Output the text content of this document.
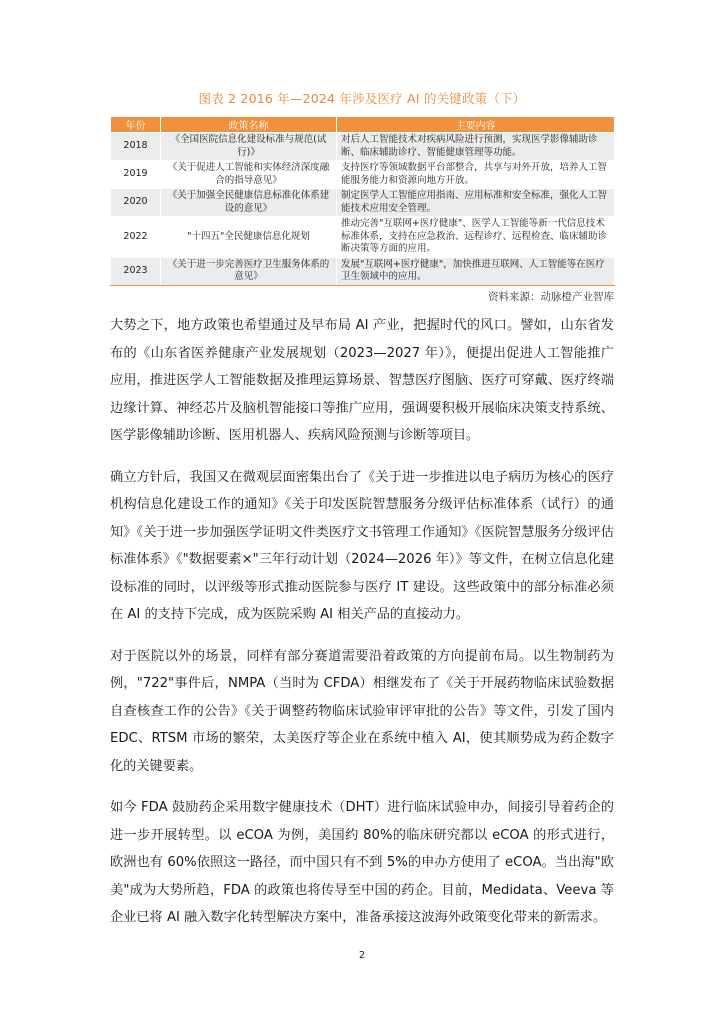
图表 2 2016 年—2024 年涉及医疗 AI 的关键政策（下）
年份	政策名称	主要内容
2018	《全国医院信息化建设标准与规范(试行)》	对后人工智能技术对疾病风险进行预测，实现医学影像辅助诊断、临床辅助诊疗、智能健康管理等功能。
2019	《关于促进人工智能和实体经济深度融合的指导意见》	支持医疗等领域数据平台部整合，共享与对外开放，培养人工智能服务能力和资源向地方开放。
2020	《关于加强全民健康信息标准化体系建设的意见》	制定医学人工智能应用指南、应用标准和安全标准，强化人工智能技术应用安全管理。
2022	"十四五"全民健康信息化规划	推动完善"互联网+医疗健康"、医学人工智能等新一代信息技术标准体系，支持在应急救治、远程诊疗、远程检查、临床辅助诊断决策等方面的应用。
2023	《关于进一步完善医疗卫生服务体系的意见》	发展"互联网+医疗健康"，加快推进互联网、人工智能等在医疗卫生领域中的应用。
资料来源：动脉橙产业智库

大势之下，地方政策也希望通过及早布局 AI 产业，把握时代的风口。譬如，山东省发布的《山东省医养健康产业发展规划（2023—2027 年）》，便提出促进人工智能推广应用，推进医学人工智能数据及推理运算场景、智慧医疗图脑、医疗可穿戴、医疗终端边缘计算、神经芯片及脑机智能接口等推广应用，强调要积极开展临床决策支持系统、医学影像辅助诊断、医用机器人、疾病风险预测与诊断等项目。

确立方针后，我国又在微观层面密集出台了《关于进一步推进以电子病历为核心的医疗机构信息化建设工作的通知》《关于印发医院智慧服务分级评估标准体系（试行）的通知》《关于进一步加强医学证明文件类医疗文书管理工作通知》《医院智慧服务分级评估标准体系》《"数据要素×"三年行动计划（2024—2026 年）》等文件，在树立信息化建设标准的同时，以评级等形式推动医院参与医疗 IT 建设。这些政策中的部分标准必须在 AI 的支持下完成，成为医院采购 AI 相关产品的直接动力。

对于医院以外的场景，同样有部分赛道需要沿着政策的方向提前布局。以生物制药为例，"722"事件后，NMPA（当时为 CFDA）相继发布了《关于开展药物临床试验数据自查核查工作的公告》《关于调整药物临床试验审评审批的公告》等文件，引发了国内 EDC、RTSM 市场的繁荣，太美医疗等企业在系统中植入 AI，使其顺势成为药企数字化的关键要素。

如今 FDA 鼓励药企采用数字健康技术（DHT）进行临床试验申办，间接引导着药企的进一步开展转型。以 eCOA 为例，美国约 80%的临床研究都以 eCOA 的形式进行，欧洲也有 60%依照这一路径，而中国只有不到 5%的申办方使用了 eCOA。当出海"欧美"成为大势所趋，FDA 的政策也将传导至中国的药企。目前，Medidata、Veeva 等企业已将 AI 融入数字化转型解决方案中，准备承接这波海外政策变化带来的新需求。

2
